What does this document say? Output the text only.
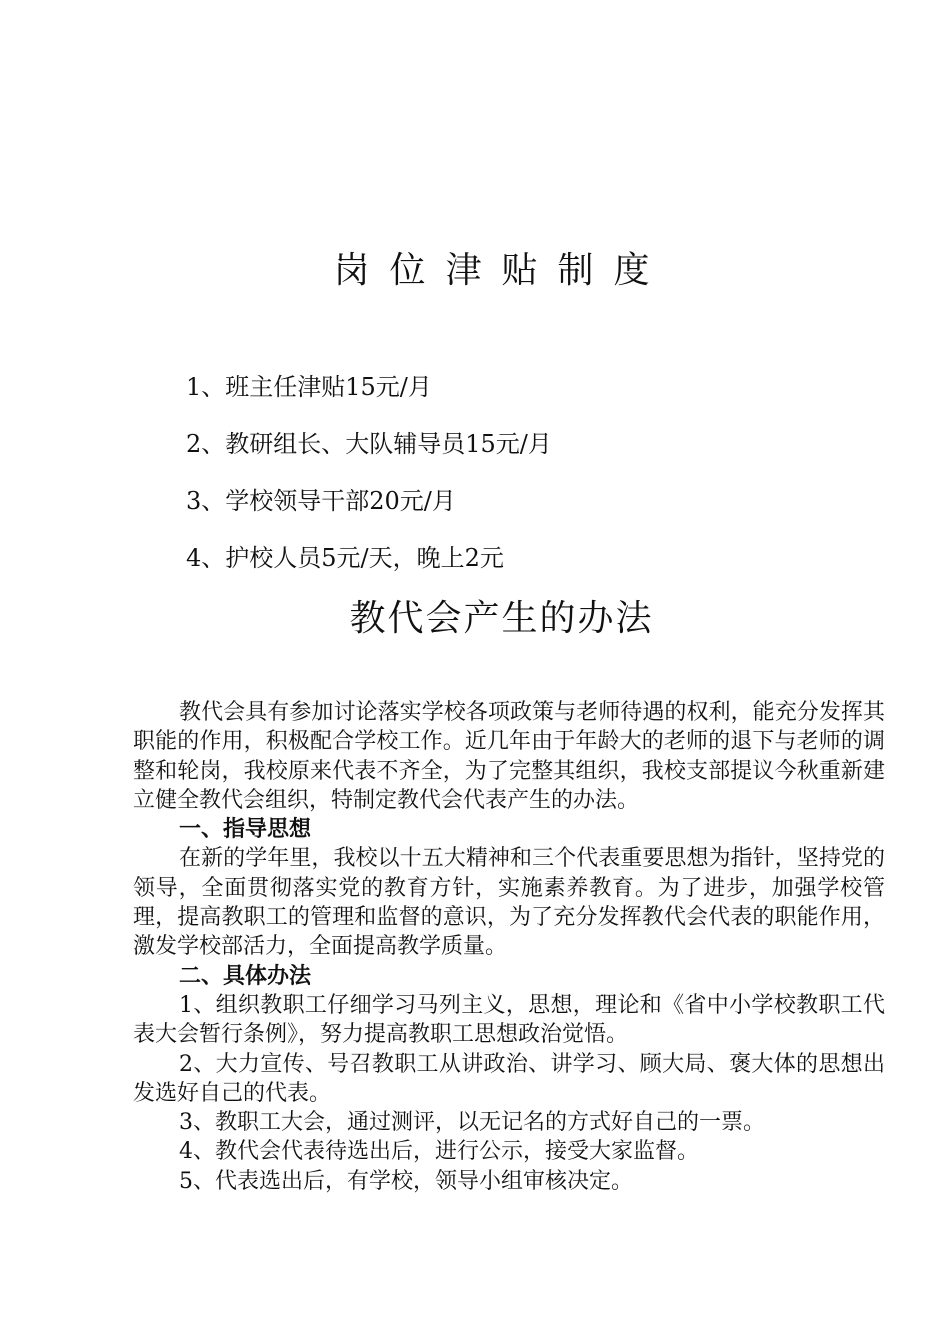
岗位津贴制度
1、班主任津贴15元/月
2、教研组长、大队辅导员15元/月
3、学校领导干部20元/月
4、护校人员5元/天，晚上2元
教代会产生的办法

教代会具有参加讨论落实学校各项政策与老师待遇的权利，能充分发挥其职能的作用，积极配合学校工作。近几年由于年龄大的老师的退下与老师的调整和轮岗，我校原来代表不齐全，为了完整其组织，我校支部提议今秋重新建立健全教代会组织，特制定教代会代表产生的办法。

一、指导思想

在新的学年里，我校以十五大精神和三个代表重要思想为指针，坚持党的领导，全面贯彻落实党的教育方针，实施素养教育。为了进步，加强学校管理，提高教职工的管理和监督的意识，为了充分发挥教代会代表的职能作用，激发学校部活力，全面提高教学质量。

二、具体办法

1、组织教职工仔细学习马列主义，思想，理论和《省中小学校教职工代表大会暂行条例》，努力提高教职工思想政治觉悟。

2、大力宣传、号召教职工从讲政治、讲学习、顾大局、褒大体的思想出发选好自己的代表。

3、教职工大会，通过测评，以无记名的方式好自己的一票。

4、教代会代表待选出后，进行公示，接受大家监督。

5、代表选出后，有学校，领导小组审核决定。
